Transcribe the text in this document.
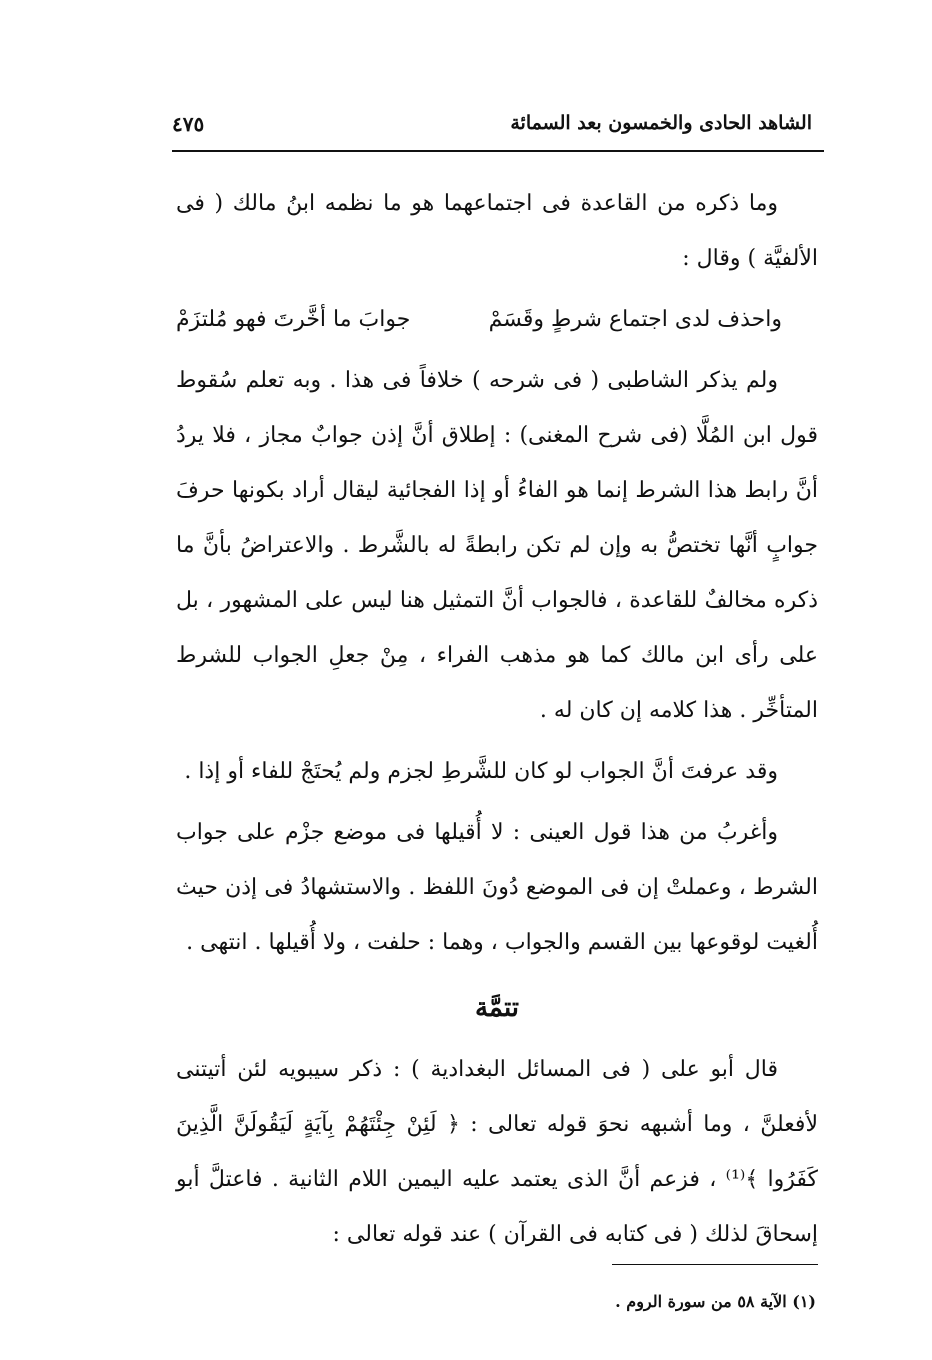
الشاهد الحادى والخمسون بعد السمائة
٤٧٥

وما ذكره من القاعدة فى اجتماعهما هو ما نظمه ابنُ مالك ( فى الألفيَّة ) وقال :

واحذف لدى اجتماع شرطٍ وقَسَمْ
جوابَ ما أخَّرتَ فهو مُلتزَمْ

ولم يذكر الشاطبى ( فى شرحه ) خلافاً فى هذا . وبه تعلم سُقوط قول ابن المُلَّا (فى شرح المغنى) : إطلاق أنَّ إذن جوابٌ مجاز ، فلا يردُ أنَّ رابط هذا الشرط إنما هو الفاءُ أو إذا الفجائية ليقال أراد بكونها حرفَ جوابٍ أنَّها تختصُّ به وإن لم تكن رابطةً له بالشَّرط . والاعتراضُ بأنَّ ما ذكره مخالفٌ للقاعدة ، فالجواب أنَّ التمثيل هنا ليس على المشهور ، بل على رأى ابن مالك كما هو مذهب الفراء ، مِنْ جعلِ الجواب للشرط المتأخِّر . هذا كلامه إن كان له .

وقد عرفتَ أنَّ الجواب لو كان للشَّرطِ لجزم ولم يُحتَجْ للفاء أو إذا .

وأغربُ من هذا قول العينى : لا أُقيلها فى موضع جزْم على جواب الشرط ، وعملتْ إن فى الموضع دُونَ اللفظ . والاستشهادُ فى إذن حيث أُلغيت لوقوعها بين القسم والجواب ، وهما : حلفت ، ولا أُقيلها . انتهى .

تتمَّة

قال أبو على ( فى المسائل البغدادية ) : ذكر سيبويه لئن أتيتنى لأفعلنَّ ، وما أشبهه نحوَ قوله تعالى : ﴿ لَئِنْ جِئْتَهُمْ بِآيَةٍ لَيَقُولَنَّ الَّذِينَ كَفَرُوا ﴾⁽¹⁾ ، فزعم أنَّ الذى يعتمد عليه اليمين اللام الثانية . فاعتلَّ أبو إسحاقَ لذلك ( فى كتابه فى القرآن ) عند قوله تعالى :

(١) الآية ٥٨ من سورة الروم .
